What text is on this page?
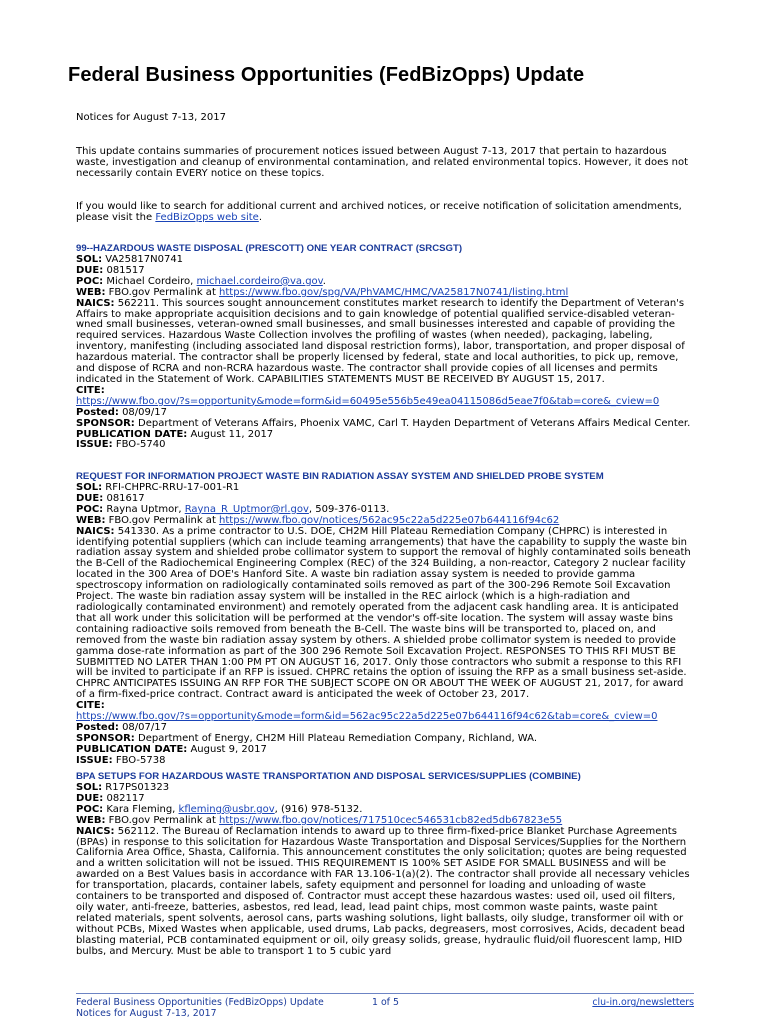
Federal Business Opportunities (FedBizOpps) Update
Notices for August 7-13, 2017
This update contains summaries of procurement notices issued between August 7-13, 2017 that pertain to hazardous waste, investigation and cleanup of environmental contamination, and related environmental topics. However, it does not necessarily contain EVERY notice on these topics.
If you would like to search for additional current and archived notices, or receive notification of solicitation amendments, please visit the FedBizOpps web site.
99--HAZARDOUS WASTE DISPOSAL (PRESCOTT) ONE YEAR CONTRACT (SRCSGT)
SOL: VA25817N0741
DUE: 081517
POC: Michael Cordeiro, michael.cordeiro@va.gov.
WEB: FBO.gov Permalink at https://www.fbo.gov/spg/VA/PhVAMC/HMC/VA25817N0741/listing.html
NAICS: 562211. This sources sought announcement constitutes market research to identify the Department of Veteran's Affairs to make appropriate acquisition decisions and to gain knowledge of potential qualified service-disabled veteran-wned small businesses, veteran-owned small businesses, and small businesses interested and capable of providing the required services. Hazardous Waste Collection involves the profiling of wastes (when needed), packaging, labeling, inventory, manifesting (including associated land disposal restriction forms), labor, transportation, and proper disposal of hazardous material. The contractor shall be properly licensed by federal, state and local authorities, to pick up, remove, and dispose of RCRA and non-RCRA hazardous waste. The contractor shall provide copies of all licenses and permits indicated in the Statement of Work. CAPABILITIES STATEMENTS MUST BE RECEIVED BY AUGUST 15, 2017.
CITE:
https://www.fbo.gov/?s=opportunity&mode=form&id=60495e556b5e49ea04115086d5eae7f0&tab=core&_cview=0
Posted: 08/09/17
SPONSOR: Department of Veterans Affairs, Phoenix VAMC, Carl T. Hayden Department of Veterans Affairs Medical Center.
PUBLICATION DATE: August 11, 2017
ISSUE: FBO-5740
REQUEST FOR INFORMATION PROJECT WASTE BIN RADIATION ASSAY SYSTEM AND SHIELDED PROBE SYSTEM
SOL: RFI-CHPRC-RRU-17-001-R1
DUE: 081617
POC: Rayna Uptmor, Rayna_R_Uptmor@rl.gov, 509-376-0113.
WEB: FBO.gov Permalink at https://www.fbo.gov/notices/562ac95c22a5d225e07b644116f94c62
NAICS: 541330. As a prime contractor to U.S. DOE, CH2M Hill Plateau Remediation Company (CHPRC) is interested in identifying potential suppliers (which can include teaming arrangements) that have the capability to supply the waste bin radiation assay system and shielded probe collimator system to support the removal of highly contaminated soils beneath the B-Cell of the Radiochemical Engineering Complex (REC) of the 324 Building, a non-reactor, Category 2 nuclear facility located in the 300 Area of DOE's Hanford Site. A waste bin radiation assay system is needed to provide gamma spectroscopy information on radiologically contaminated soils removed as part of the 300-296 Remote Soil Excavation Project. The waste bin radiation assay system will be installed in the REC airlock (which is a high-radiation and radiologically contaminated environment) and remotely operated from the adjacent cask handling area. It is anticipated that all work under this solicitation will be performed at the vendor's off-site location. The system will assay waste bins containing radioactive soils removed from beneath the B-Cell. The waste bins will be transported to, placed on, and removed from the waste bin radiation assay system by others. A shielded probe collimator system is needed to provide gamma dose-rate information as part of the 300 296 Remote Soil Excavation Project. RESPONSES TO THIS RFI MUST BE SUBMITTED NO LATER THAN 1:00 PM PT ON AUGUST 16, 2017. Only those contractors who submit a response to this RFI will be invited to participate if an RFP is issued. CHPRC retains the option of issuing the RFP as a small business set-aside. CHPRC ANTICIPATES ISSUING AN RFP FOR THE SUBJECT SCOPE ON OR ABOUT THE WEEK OF AUGUST 21, 2017, for award of a firm-fixed-price contract. Contract award is anticipated the week of October 23, 2017.
CITE:
https://www.fbo.gov/?s=opportunity&mode=form&id=562ac95c22a5d225e07b644116f94c62&tab=core&_cview=0
Posted: 08/07/17
SPONSOR: Department of Energy, CH2M Hill Plateau Remediation Company, Richland, WA.
PUBLICATION DATE: August 9, 2017
ISSUE: FBO-5738
BPA SETUPS FOR HAZARDOUS WASTE TRANSPORTATION AND DISPOSAL SERVICES/SUPPLIES (COMBINE)
SOL: R17PS01323
DUE: 082117
POC: Kara Fleming, kfleming@usbr.gov, (916) 978-5132.
WEB: FBO.gov Permalink at https://www.fbo.gov/notices/717510cec546531cb82ed5db67823e55
NAICS: 562112. The Bureau of Reclamation intends to award up to three firm-fixed-price Blanket Purchase Agreements (BPAs) in response to this solicitation for Hazardous Waste Transportation and Disposal Services/Supplies for the Northern California Area Office, Shasta, California. This announcement constitutes the only solicitation; quotes are being requested and a written solicitation will not be issued. THIS REQUIREMENT IS 100% SET ASIDE FOR SMALL BUSINESS and will be awarded on a Best Values basis in accordance with FAR 13.106-1(a)(2). The contractor shall provide all necessary vehicles for transportation, placards, container labels, safety equipment and personnel for loading and unloading of waste containers to be transported and disposed of. Contractor must accept these hazardous wastes: used oil, used oil filters, oily water, anti-freeze, batteries, asbestos, red lead, lead, lead paint chips, most common waste paints, waste paint related materials, spent solvents, aerosol cans, parts washing solutions, light ballasts, oily sludge, transformer oil with or without PCBs, Mixed Wastes when applicable, used drums, Lab packs, degreasers, most corrosives, Acids, decadent bead blasting material, PCB contaminated equipment or oil, oily greasy solids, grease, hydraulic fluid/oil fluorescent lamp, HID bulbs, and Mercury. Must be able to transport 1 to 5 cubic yard
Federal Business Opportunities (FedBizOpps) Update
Notices for August 7-13, 2017
1 of 5	clu-in.org/newsletters
